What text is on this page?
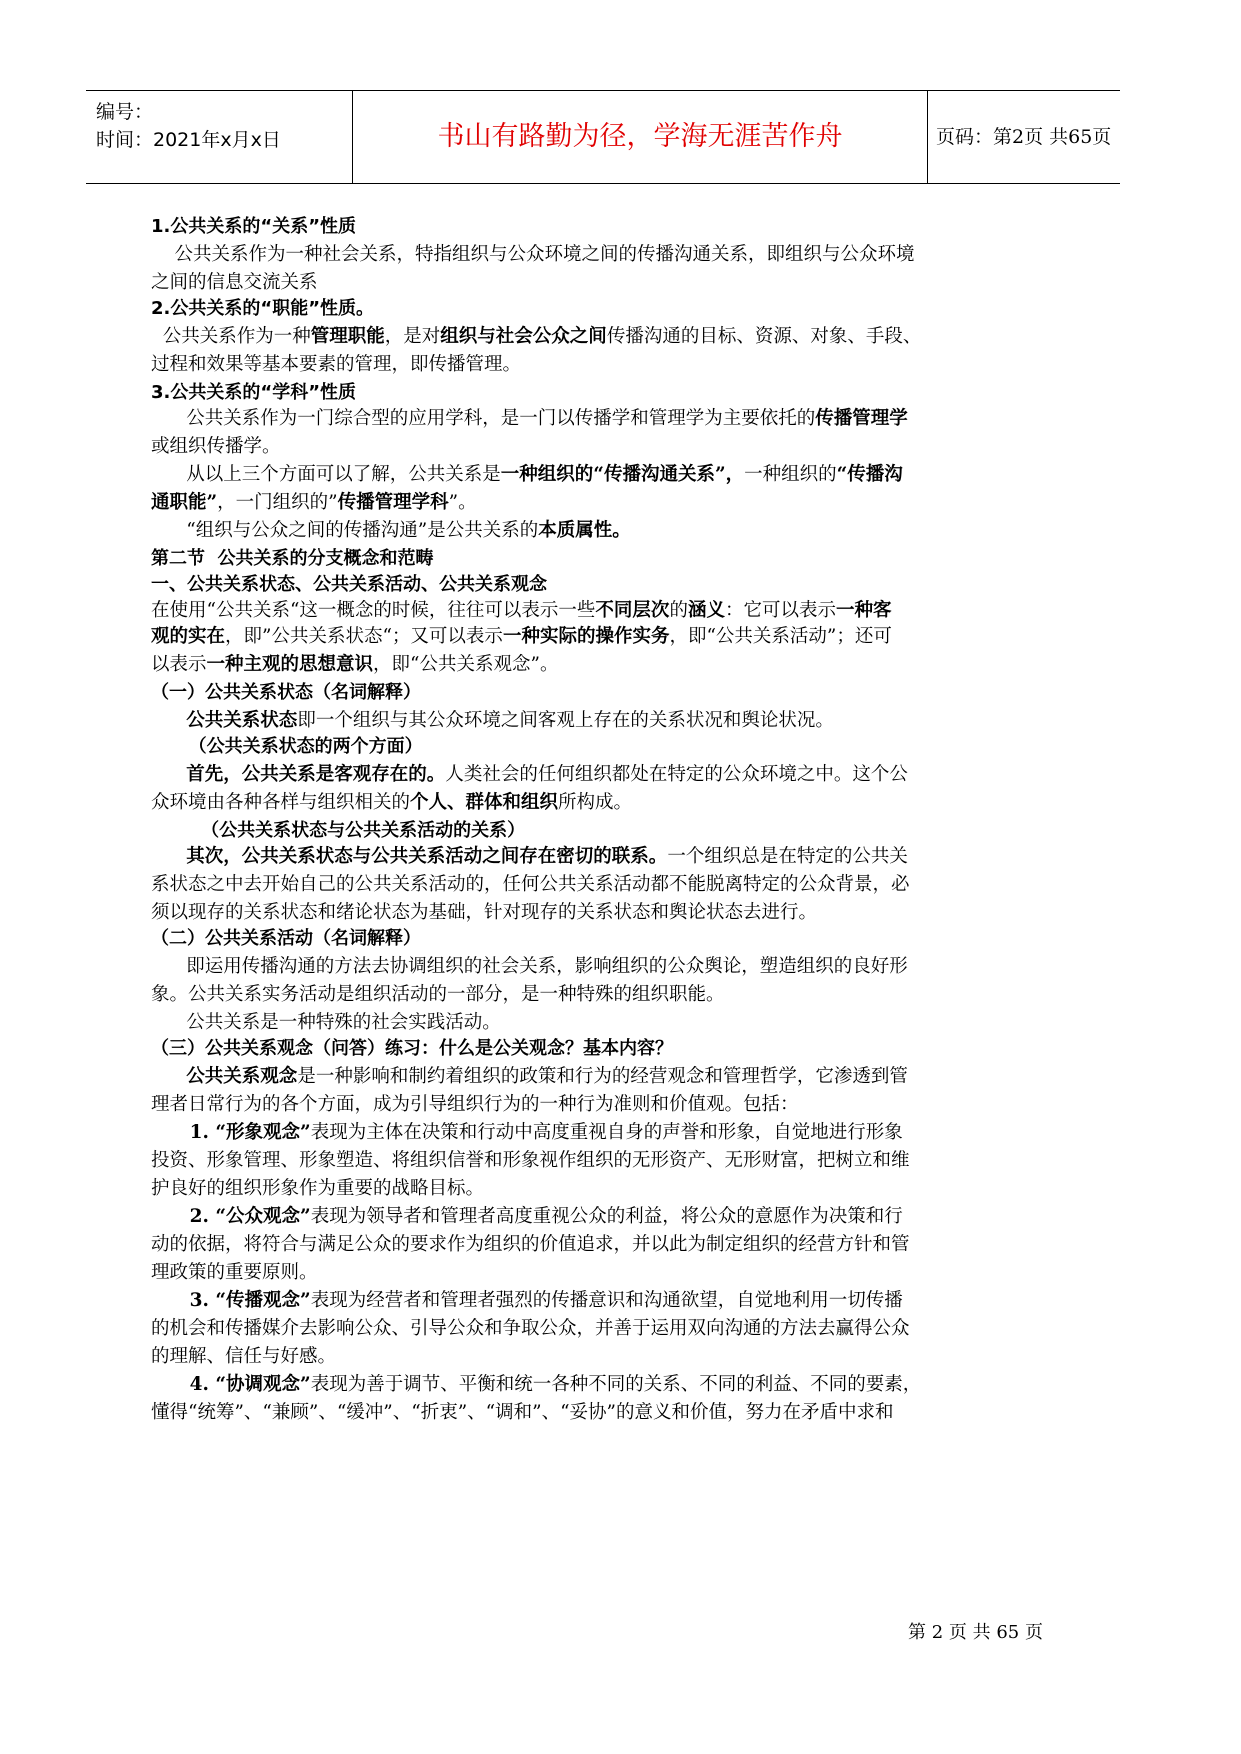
编号：
时间：2021年x月x日	书山有路勤为径，学海无涯苦作舟	页码：第2页 共65页
1.公共关系的“关系”性质
公共关系作为一种社会关系，特指组织与公众环境之间的传播沟通关系，即组织与公众环境
之间的信息交流关系
2.公共关系的“职能”性质。
公共关系作为一种管理职能，是对组织与社会公众之间传播沟通的目标、资源、对象、手段、
过程和效果等基本要素的管理，即传播管理。
3.公共关系的“学科”性质
公共关系作为一门综合型的应用学科，是一门以传播学和管理学为主要依托的传播管理学
或组织传播学。
从以上三个方面可以了解，公共关系是一种组织的“传播沟通关系”，一种组织的“传播沟
通职能”，一门组织的”传播管理学科”。
“组织与公众之间的传播沟通”是公共关系的本质属性。
第二节  公共关系的分支概念和范畴
一、公共关系状态、公共关系活动、公共关系观念
在使用“公共关系“这一概念的时候，往往可以表示一些不同层次的涵义：它可以表示一种客
观的实在，即”公共关系状态“；又可以表示一种实际的操作实务，即“公共关系活动”；还可
以表示一种主观的思想意识，即“公共关系观念”。
（一）公共关系状态（名词解释）
公共关系状态即一个组织与其公众环境之间客观上存在的关系状况和舆论状况。
（公共关系状态的两个方面）
首先，公共关系是客观存在的。人类社会的任何组织都处在特定的公众环境之中。这个公
众环境由各种各样与组织相关的个人、群体和组织所构成。
（公共关系状态与公共关系活动的关系）
其次，公共关系状态与公共关系活动之间存在密切的联系。一个组织总是在特定的公共关
系状态之中去开始自己的公共关系活动的，任何公共关系活动都不能脱离特定的公众背景，必
须以现存的关系状态和绪论状态为基础，针对现存的关系状态和舆论状态去进行。
（二）公共关系活动（名词解释）
即运用传播沟通的方法去协调组织的社会关系，影响组织的公众舆论，塑造组织的良好形
象。公共关系实务活动是组织活动的一部分，是一种特殊的组织职能。
公共关系是一种特殊的社会实践活动。
（三）公共关系观念（问答）练习：什么是公关观念？基本内容？
公共关系观念是一种影响和制约着组织的政策和行为的经营观念和管理哲学，它渗透到管
理者日常行为的各个方面，成为引导组织行为的一种行为准则和价值观。包括：
1. “形象观念”表现为主体在决策和行动中高度重视自身的声誉和形象，自觉地进行形象
投资、形象管理、形象塑造、将组织信誉和形象视作组织的无形资产、无形财富，把树立和维
护良好的组织形象作为重要的战略目标。
2. “公众观念”表现为领导者和管理者高度重视公众的利益，将公众的意愿作为决策和行
动的依据，将符合与满足公众的要求作为组织的价值追求，并以此为制定组织的经营方针和管
理政策的重要原则。
3. “传播观念”表现为经营者和管理者强烈的传播意识和沟通欲望，自觉地利用一切传播
的机会和传播媒介去影响公众、引导公众和争取公众，并善于运用双向沟通的方法去赢得公众
的理解、信任与好感。
4. “协调观念”表现为善于调节、平衡和统一各种不同的关系、不同的利益、不同的要素，
懂得“统筹”、“兼顾”、“缓冲”、“折衷”、“调和”、“妥协”的意义和价值，努力在矛盾中求和
第 2 页 共 65 页
